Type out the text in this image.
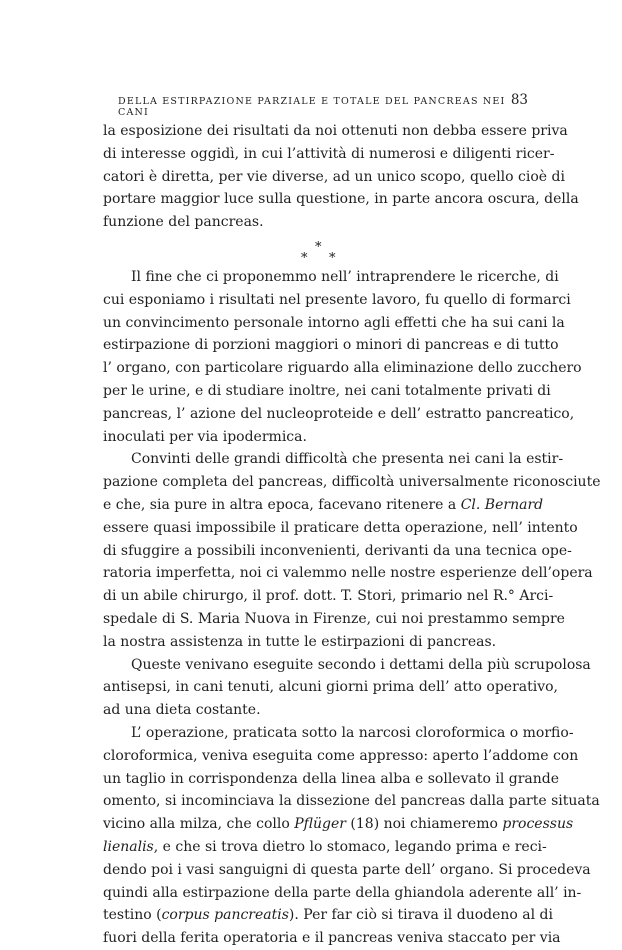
DELLA ESTIRPAZIONE PARZIALE E TOTALE DEL PANCREAS NEI CANI
83
la esposizione dei risultati da noi ottenuti non debba essere priva
di interesse oggidì, in cui l’attività di numerosi e diligenti ricer-
catori è diretta, per vie diverse, ad un unico scopo, quello cioè di
portare maggior luce sulla questione, in parte ancora oscura, della
funzione del pancreas.
*
*
*
Il fine che ci proponemmo nell’ intraprendere le ricerche, di
cui esponiamo i risultati nel presente lavoro, fu quello di formarci
un convincimento personale intorno agli effetti che ha sui cani la
estirpazione di porzioni maggiori o minori di pancreas e di tutto
l’ organo, con particolare riguardo alla eliminazione dello zucchero
per le urine, e di studiare inoltre, nei cani totalmente privati di
pancreas, l’ azione del nucleoproteide e dell’ estratto pancreatico,
inoculati per via ipodermica.
Convinti delle grandi difficoltà che presenta nei cani la estir-
pazione completa del pancreas, difficoltà universalmente riconosciute
e che, sia pure in altra epoca, facevano ritenere a Cl. Bernard
essere quasi impossibile il praticare detta operazione, nell’ intento
di sfuggire a possibili inconvenienti, derivanti da una tecnica ope-
ratoria imperfetta, noi ci valemmo nelle nostre esperienze dell’opera
di un abile chirurgo, il prof. dott. T. Stori, primario nel R.° Arci-
spedale di S. Maria Nuova in Firenze, cui noi prestammo sempre
la nostra assistenza in tutte le estirpazioni di pancreas.
Queste venivano eseguite secondo i dettami della più scrupolosa
antisepsi, in cani tenuti, alcuni giorni prima dell’ atto operativo,
ad una dieta costante.
L’ operazione, praticata sotto la narcosi cloroformica o morfio-
cloroformica, veniva eseguita come appresso: aperto l’addome con
un taglio in corrispondenza della linea alba e sollevato il grande
omento, si incominciava la dissezione del pancreas dalla parte situata
vicino alla milza, che collo Pflüger (18) noi chiameremo processus
lienalis, e che si trova dietro lo stomaco, legando prima e reci-
dendo poi i vasi sanguigni di questa parte dell’ organo. Si procedeva
quindi alla estirpazione della parte della ghiandola aderente all’ in-
testino (corpus pancreatis). Per far ciò si tirava il duodeno al di
fuori della ferita operatoria e il pancreas veniva staccato per via
